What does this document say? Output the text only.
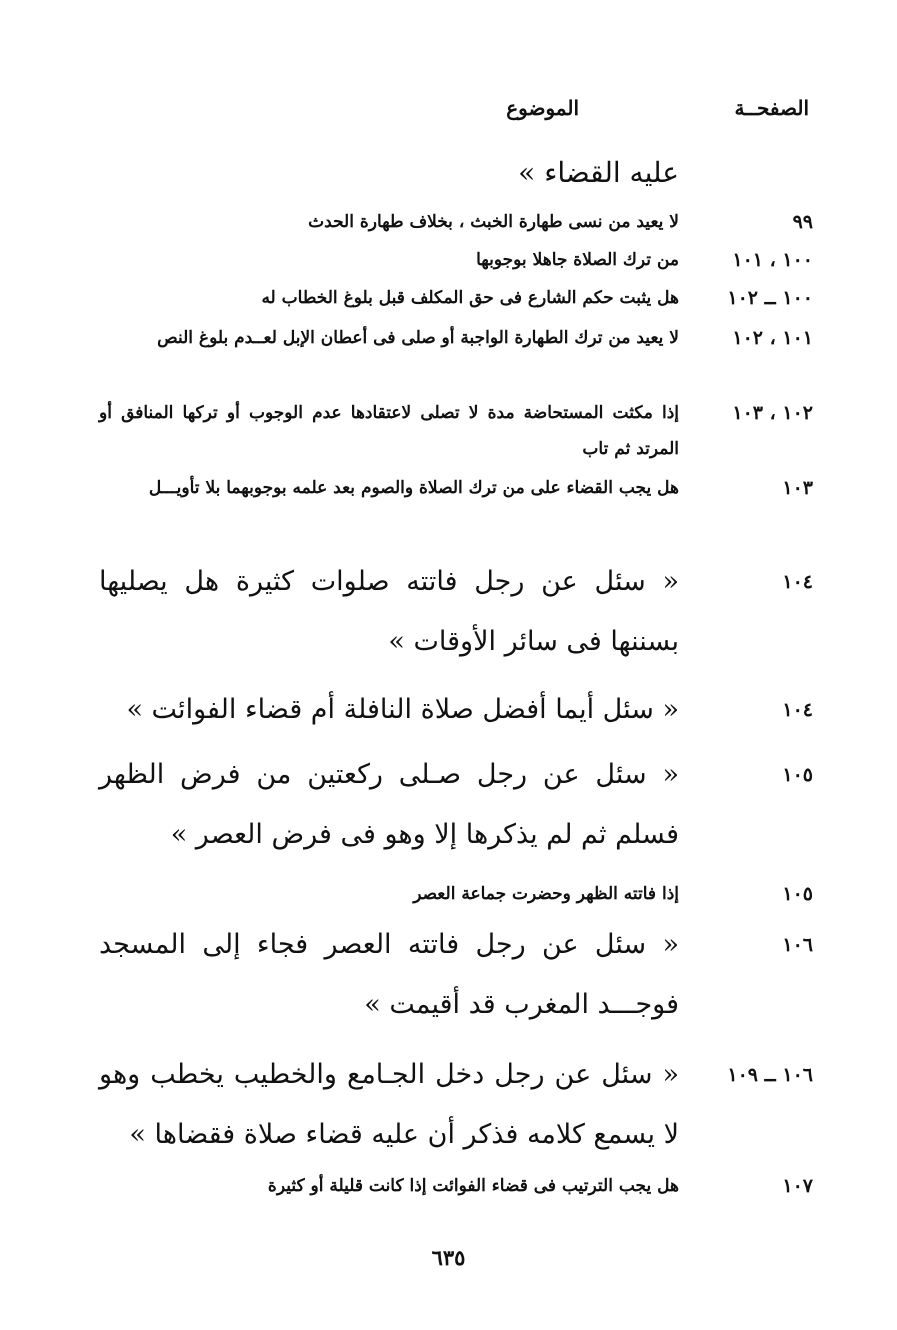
الصفحــة
الموضوع
عليه القضاء »
٩٩
لا يعيد من نسى طهارة الخبث ، بخلاف طهارة الحدث
١٠٠ ، ١٠١
من ترك الصلاة جاهلا بوجوبها
١٠٠ ــ ١٠٢
هل يثبت حكم الشارع فى حق المكلف قبل بلوغ الخطاب له
١٠١ ، ١٠٢
لا يعيد من ترك الطهارة الواجبة أو صلى فى أعطان الإبل لعــدم بلوغ النص
١٠٢ ، ١٠٣
إذا مكثت المستحاضة مدة لا تصلى لاعتقادها عدم الوجوب أو تركها المنافق أو المرتد ثم تاب
١٠٣
هل يجب القضاء على من ترك الصلاة والصوم بعد علمه بوجوبهما بلا تأويـــل
١٠٤
« سئل عن رجل فاتته صلوات كثيرة هل يصليها بسننها فى سائر الأوقات »
١٠٤
« سئل أيما أفضل صلاة النافلة أم قضاء الفوائت »
١٠٥
« سئل عن رجل صـلى ركعتين من فرض الظهر فسلم ثم لم يذكرها إلا وهو فى فرض العصر »
١٠٥
إذا فاتته الظهر وحضرت جماعة العصر
١٠٦
« سئل عن رجل فاتته العصر فجاء إلى المسجد فوجـــد المغرب قد أقيمت »
١٠٦ ــ ١٠٩
« سئل عن رجل دخل الجـامع والخطيب يخطب وهو لا يسمع كلامه فذكر أن عليه قضاء صلاة فقضاها »
١٠٧
هل يجب الترتيب فى قضاء الفوائت إذا كانت قليلة أو كثيرة
٦٣٥
